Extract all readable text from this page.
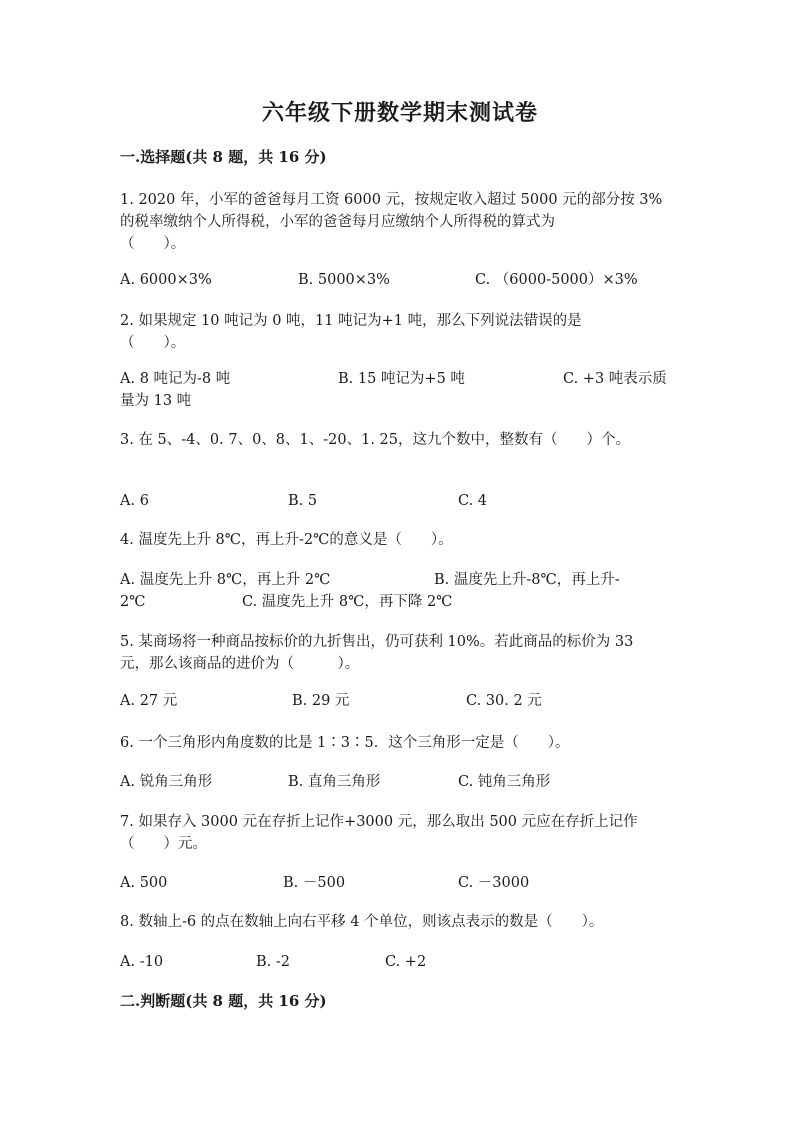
六年级下册数学期末测试卷
一.选择题(共 8 题，共 16 分)
1. 2020 年，小军的爸爸每月工资 6000 元，按规定收入超过 5000 元的部分按 3%
的税率缴纳个人所得税，小军的爸爸每月应缴纳个人所得税的算式为
（　　）。
A. 6000×3%	B. 5000×3%	C. （6000-5000）×3%
2. 如果规定 10 吨记为 0 吨，11 吨记为+1 吨，那么下列说法错误的是
（　　）。
A. 8 吨记为-8 吨	B. 15 吨记为+5 吨	C. +3 吨表示质
量为 13 吨
3. 在 5、-4、0. 7、0、8、1、-20、1. 25，这九个数中，整数有（　　）个。
A. 6	B. 5	C. 4
4. 温度先上升 8℃，再上升-2℃的意义是（　　）。
A. 温度先上升 8℃，再上升 2℃	B. 温度先上升-8℃，再上升-
2℃	C. 温度先上升 8℃，再下降 2℃
5. 某商场将一种商品按标价的九折售出，仍可获利 10%。若此商品的标价为 33
元，那么该商品的进价为（　　　）。
A. 27 元	B. 29 元	C. 30. 2 元
6. 一个三角形内角度数的比是 1∶3∶5．这个三角形一定是（　　）。
A. 锐角三角形	B. 直角三角形	C. 钝角三角形
7. 如果存入 3000 元在存折上记作+3000 元，那么取出 500 元应在存折上记作
（　　）元。
A. 500	B. －500	C. －3000
8. 数轴上-6 的点在数轴上向右平移 4 个单位，则该点表示的数是（　　）。
A. -10	B. -2	C. +2
二.判断题(共 8 题，共 16 分)
